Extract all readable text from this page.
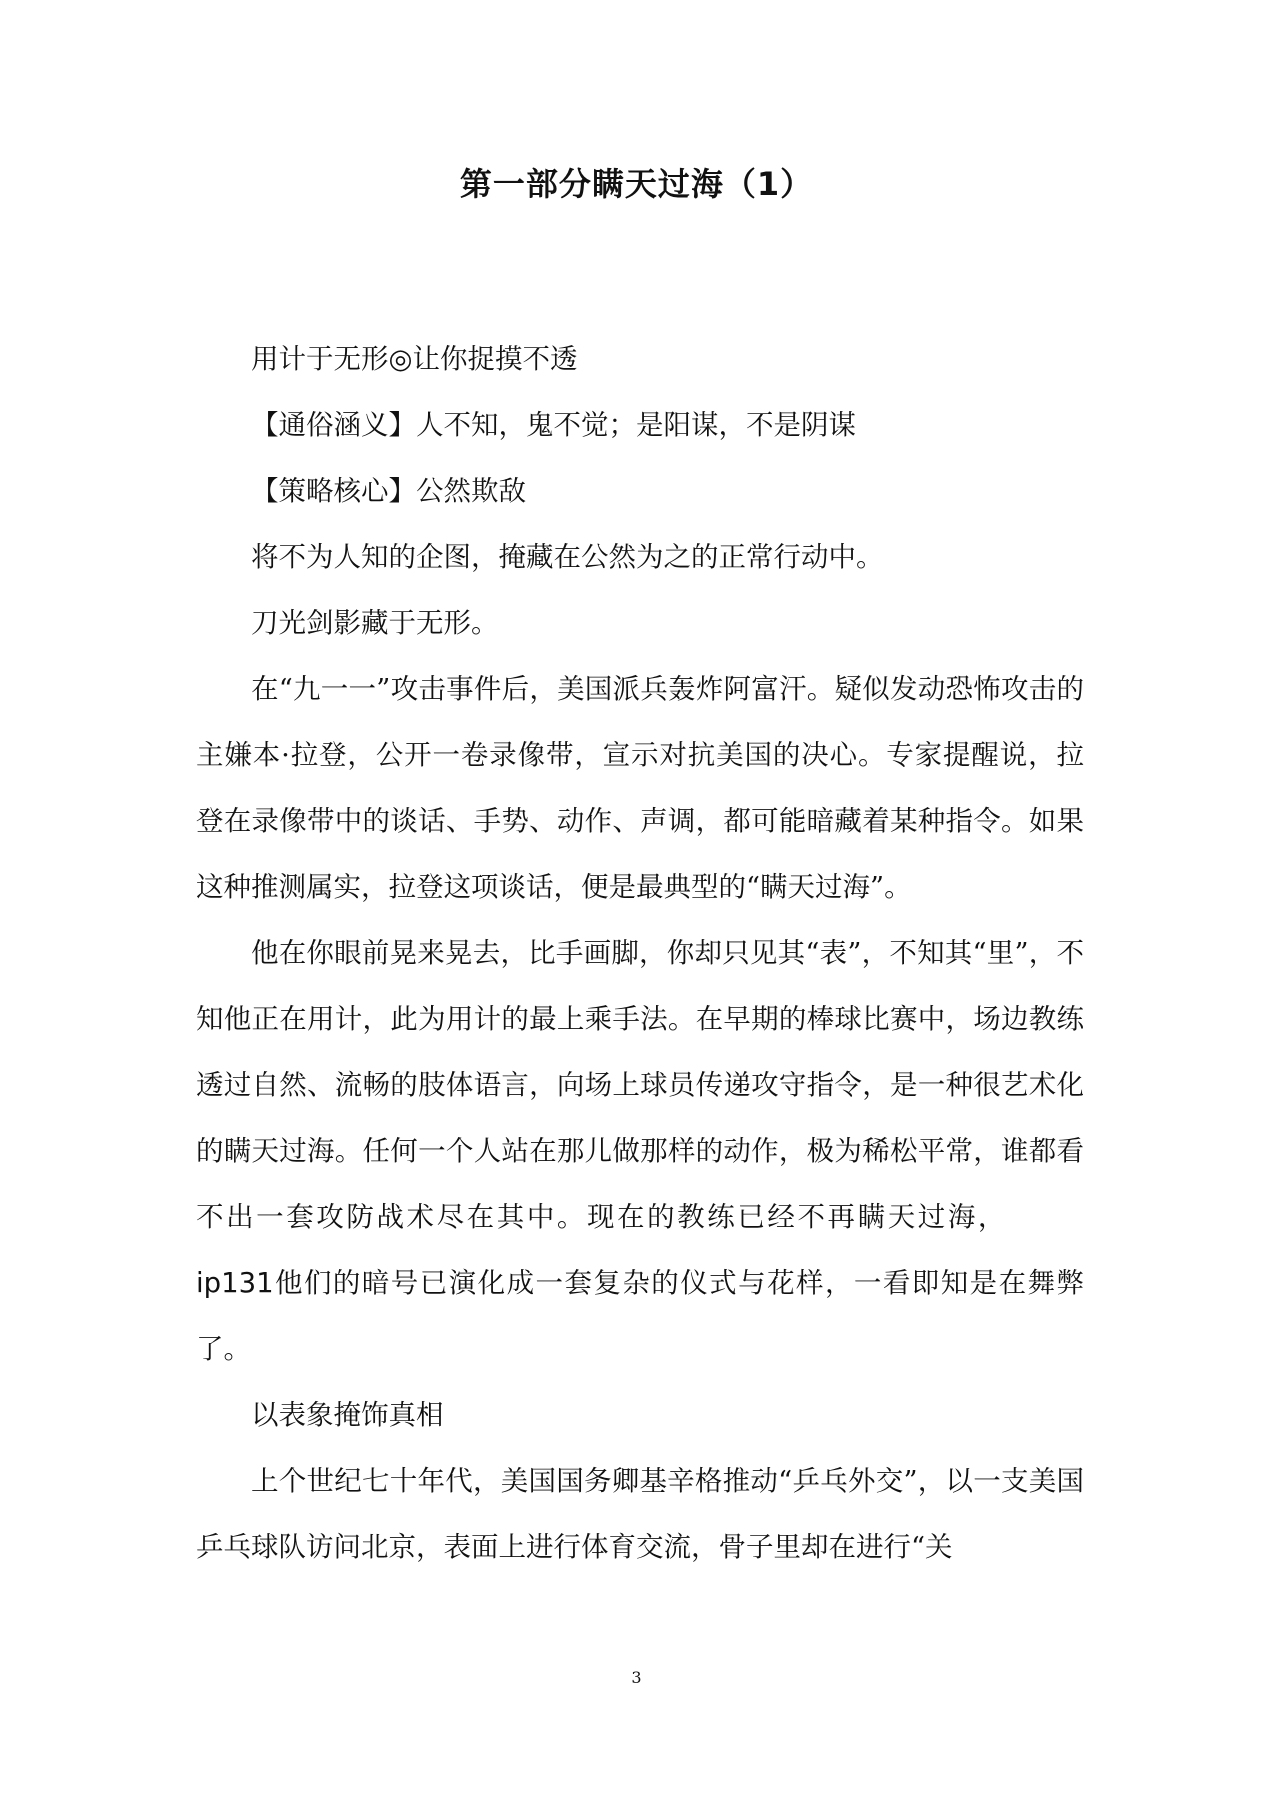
第一部分瞒天过海（1）

用计于无形◎让你捉摸不透

【通俗涵义】人不知，鬼不觉；是阳谋，不是阴谋

【策略核心】公然欺敌

将不为人知的企图，掩藏在公然为之的正常行动中。

刀光剑影藏于无形。

在“九一一”攻击事件后，美国派兵轰炸阿富汗。疑似发动恐怖攻击的主嫌本·拉登，公开一卷录像带，宣示对抗美国的决心。专家提醒说，拉登在录像带中的谈话、手势、动作、声调，都可能暗藏着某种指令。如果这种推测属实，拉登这项谈话，便是最典型的“瞒天过海”。

他在你眼前晃来晃去，比手画脚，你却只见其“表”，不知其“里”，不知他正在用计，此为用计的最上乘手法。在早期的棒球比赛中，场边教练透过自然、流畅的肢体语言，向场上球员传递攻守指令，是一种很艺术化的瞒天过海。任何一个人站在那儿做那样的动作，极为稀松平常，谁都看不出一套攻防战术尽在其中。现在的教练已经不再瞒天过海，ip131他们的暗号已演化成一套复杂的仪式与花样，一看即知是在舞弊了。

以表象掩饰真相

上个世纪七十年代，美国国务卿基辛格推动“乒乓外交”，以一支美国乒乓球队访问北京，表面上进行体育交流，骨子里却在进行“关

3
